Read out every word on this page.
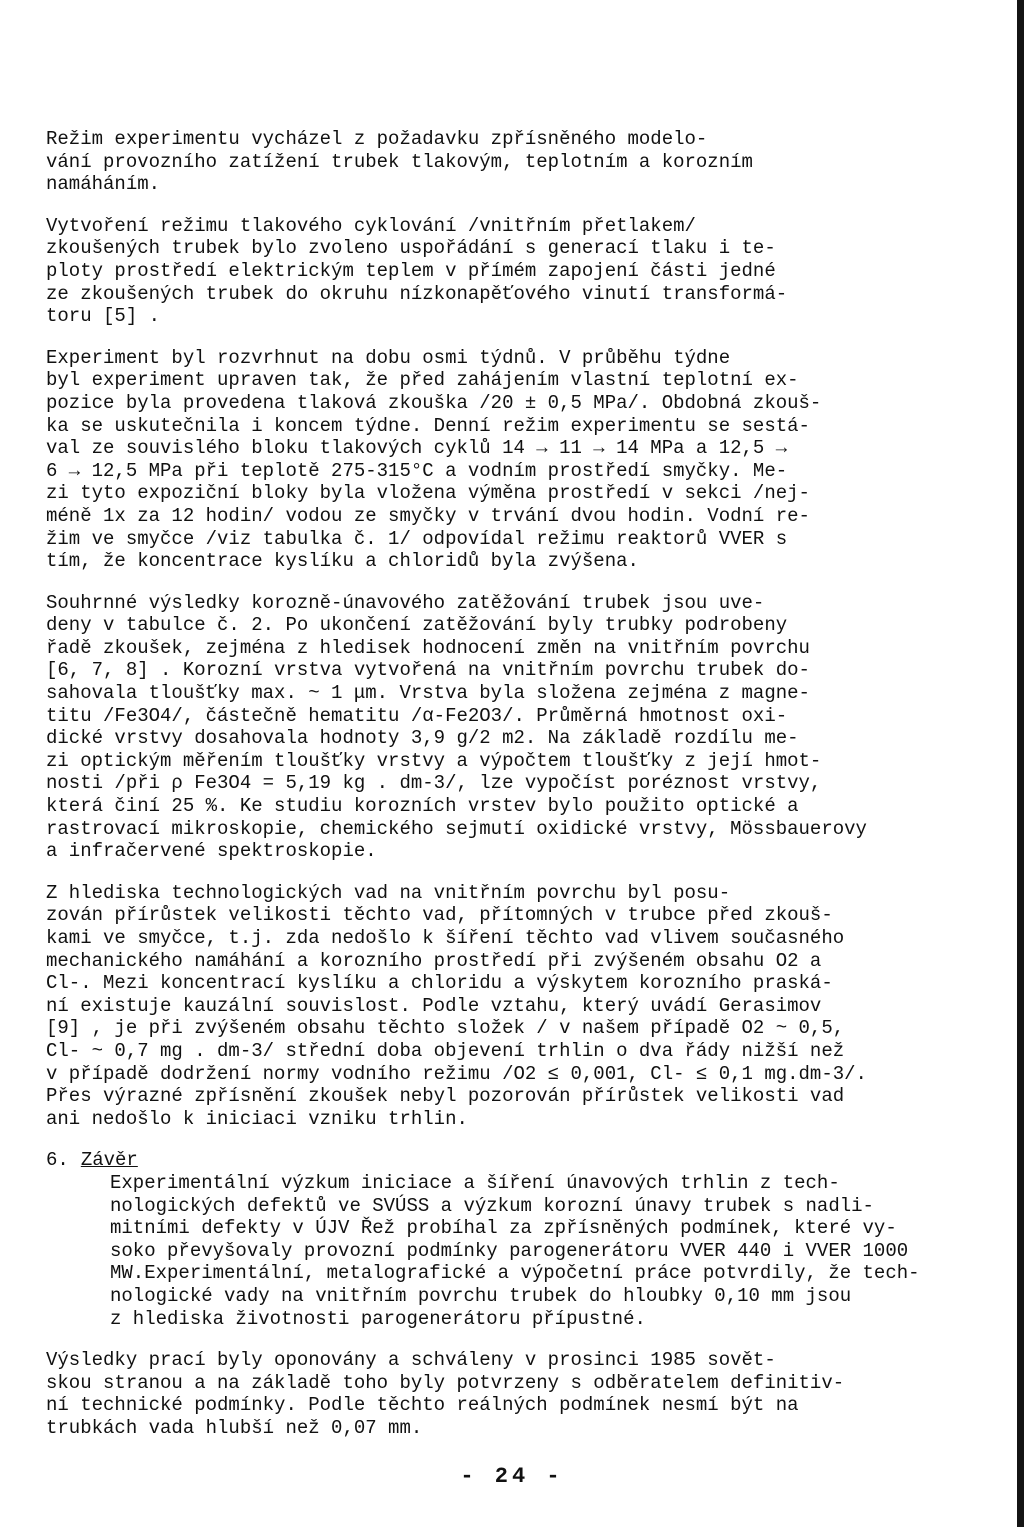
Režim experimentu vycházel z požadavku zpřísněného modelo-
vání provozního zatížení trubek tlakovým, teplotním a korozním
namáháním.

Vytvoření režimu tlakového cyklování /vnitřním přetlakem/
zkoušených trubek bylo zvoleno uspořádání s generací tlaku i te-
ploty prostředí elektrickým teplem v přímém zapojení části jedné
ze zkoušených trubek do okruhu nízkonapěťového vinutí transformá-
toru [5] .

Experiment byl rozvrhnut na dobu osmi týdnů. V průběhu týdne
byl experiment upraven tak, že před zahájením vlastní teplotní ex-
pozice byla provedena tlaková zkouška /20 ± 0,5 MPa/. Obdobná zkouš-
ka se uskutečnila i koncem týdne. Denní režim experimentu se sestá-
val ze souvislého bloku tlakových cyklů 14 → 11 → 14 MPa a 12,5 →
6 → 12,5 MPa při teplotě 275-315°C a vodním prostředí smyčky. Me-
zi tyto expoziční bloky byla vložena výměna prostředí v sekci /nej-
méně 1x za 12 hodin/ vodou ze smyčky v trvání dvou hodin. Vodní re-
žim ve smyčce /viz tabulka č. 1/ odpovídal režimu reaktorů VVER s
tím, že koncentrace kyslíku a chloridů byla zvýšena.

Souhrnné výsledky korozně-únavového zatěžování trubek jsou uve-
deny v tabulce č. 2. Po ukončení zatěžování byly trubky podrobeny
řadě zkoušek, zejména z hledisek hodnocení změn na vnitřním povrchu
[6, 7, 8] . Korozní vrstva vytvořená na vnitřním povrchu trubek do-
sahovala tloušťky max. ~ 1 μm. Vrstva byla složena zejména z magne-
titu /Fe3O4/, částečně hematitu /α-Fe2O3/. Průměrná hmotnost oxi-
dické vrstvy dosahovala hodnoty 3,9 g/2 m2. Na základě rozdílu me-
zi optickým měřením tloušťky vrstvy a výpočtem tloušťky z její hmot-
nosti /při ρ Fe3O4 = 5,19 kg . dm-3/, lze vypočíst poréznost vrstvy,
která činí 25 %. Ke studiu korozních vrstev bylo použito optické a
rastrovací mikroskopie, chemického sejmutí oxidické vrstvy, Mössbauerovy
a infračervené spektroskopie.

Z hlediska technologických vad na vnitřním povrchu byl posu-
zován přírůstek velikosti těchto vad, přítomných v trubce před zkouš-
kami ve smyčce, t.j. zda nedošlo k šíření těchto vad vlivem současného
mechanického namáhání a korozního prostředí při zvýšeném obsahu O2 a
Cl-. Mezi koncentrací kyslíku a chloridu a výskytem korozního praská-
ní existuje kauzální souvislost. Podle vztahu, který uvádí Gerasimov
[9] , je při zvýšeném obsahu těchto složek / v našem případě O2 ~ 0,5,
Cl- ~ 0,7 mg . dm-3/ střední doba objevení trhlin o dva řády nižší než
v případě dodržení normy vodního režimu /O2 ≤ 0,001, Cl- ≤ 0,1 mg.dm-3/.
Přes výrazné zpřísnění zkoušek nebyl pozorován přírůstek velikosti vad
ani nedošlo k iniciaci vzniku trhlin.

6. Závěr

Experimentální výzkum iniciace a šíření únavových trhlin z tech-
nologických defektů ve SVÚSS a výzkum korozní únavy trubek s nadli-
mitními defekty v ÚJV Řež probíhal za zpřísněných podmínek, které vy-
soko převyšovaly provozní podmínky parogenerátoru VVER 440 i VVER 1000
MW.Experimentální, metalografické a výpočetní práce potvrdily, že tech-
nologické vady na vnitřním povrchu trubek do hloubky 0,10 mm jsou
z hlediska životnosti parogenerátoru přípustné.

Výsledky prací byly oponovány a schváleny v prosinci 1985 sovět-
skou stranou a na základě toho byly potvrzeny s odběratelem definitiv-
ní technické podmínky. Podle těchto reálných podmínek nesmí být na
trubkách vada hlubší než 0,07 mm.

- 24 -
